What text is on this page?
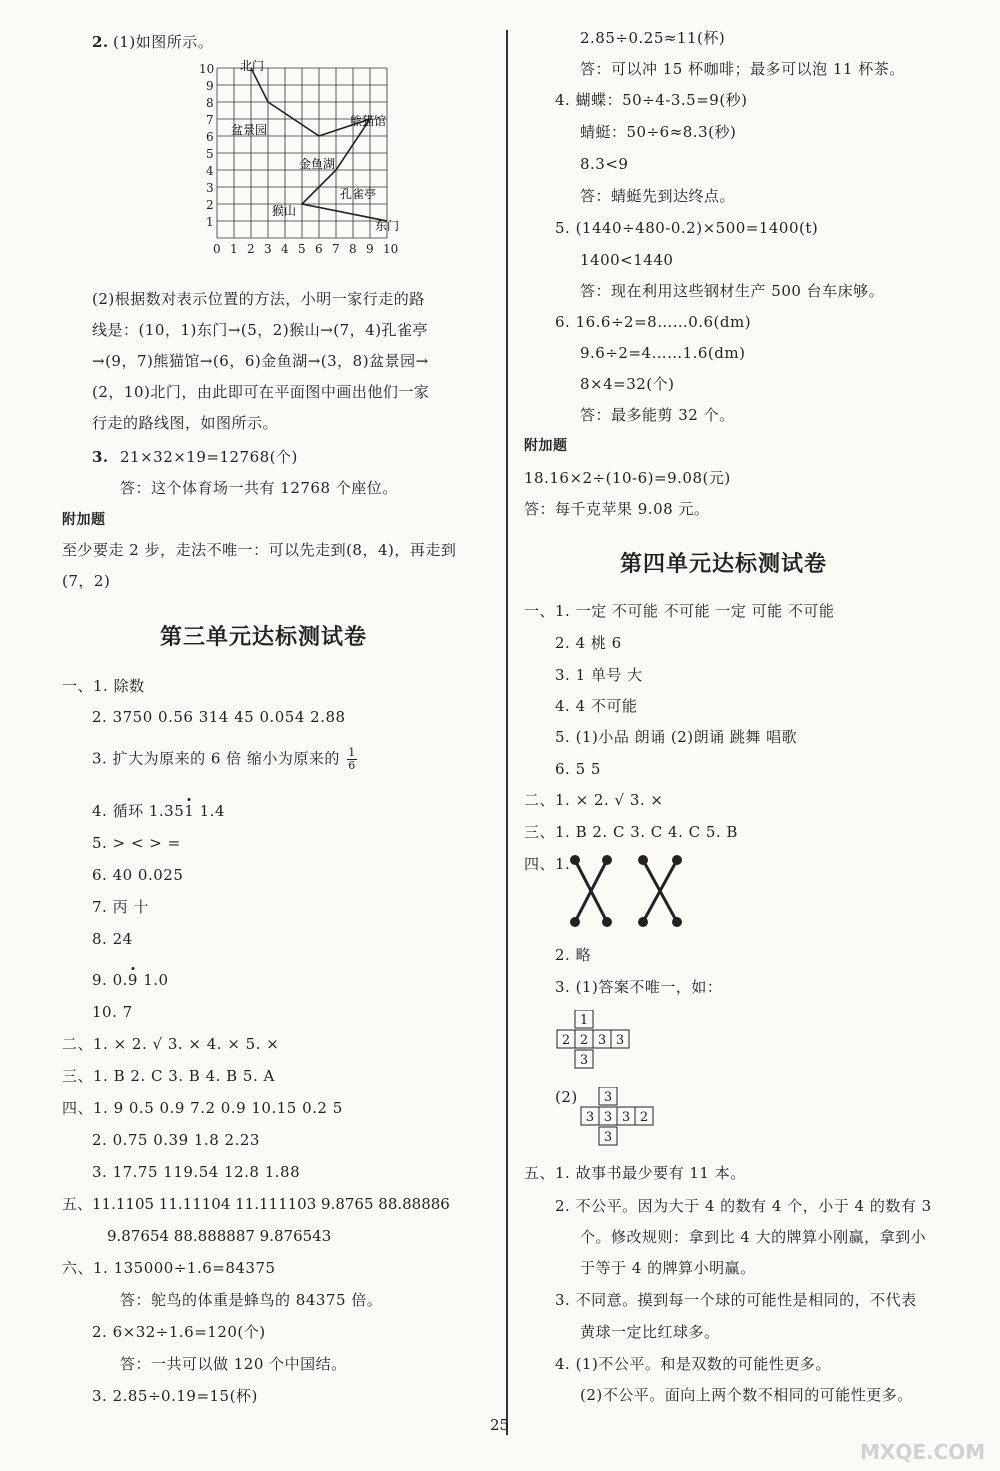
2. (1)如图所示。
0 1 2 3 4 5 6 7 8 9 10
10
9
8
7
6
5
4
3
2
1
北门
盆景园
熊猫馆
金鱼湖
孔雀亭
猴山
东门
(2)根据数对表示位置的方法，小明一家行走的路
线是：(10，1)东门→(5，2)猴山→(7，4)孔雀亭
→(9，7)熊猫馆→(6，6)金鱼湖→(3，8)盆景园→
(2，10)北门，由此即可在平面图中画出他们一家
行走的路线图，如图所示。
3. 21×32×19=12768(个)
答：这个体育场一共有 12768 个座位。
附加题
至少要走 2 步，走法不唯一：可以先走到(8，4)，再走到
(7，2)
第三单元达标测试卷
一、1. 除数
2. 3750 0.56 314 45 0.054 2.88
3. 扩大为原来的 6 倍 缩小为原来的 $\frac{1}{6}$
4. 循环 1.351 1.4
5. > < > =
6. 40 0.025
7. 丙 十
8. 24
9. 0.9 1.0
10. 7
二、1. × 2. √ 3. × 4. × 5. ×
三、1. B 2. C 3. B 4. B 5. A
四、1. 9 0.5 0.9 7.2 0.9 10.15 0.2 5
2. 0.75 0.39 1.8 2.23
3. 17.75 119.54 12.8 1.88
五、11.1105 11.11104 11.111103 9.8765 88.88886
9.87654 88.888887 9.876543
六、1. 135000÷1.6=84375
答：鸵鸟的体重是蜂鸟的 84375 倍。
2. 6×32÷1.6=120(个)
答：一共可以做 120 个中国结。
3. 2.85÷0.19=15(杯)
2.85÷0.25≈11(杯)
答：可以冲 15 杯咖啡；最多可以泡 11 杯茶。
4. 蝴蝶：50÷4-3.5=9(秒)
蜻蜓：50÷6≈8.3(秒)
8.3<9
答：蜻蜓先到达终点。
5. (1440÷480-0.2)×500=1400(t)
1400<1440
答：现在利用这些钢材生产 500 台车床够。
6. 16.6÷2=8……0.6(dm)
9.6÷2=4……1.6(dm)
8×4=32(个)
答：最多能剪 32 个。
附加题
18.16×2÷(10-6)=9.08(元)
答：每千克苹果 9.08 元。
第四单元达标测试卷
一、1. 一定 不可能 不可能 一定 可能 不可能
2. 4 桃 6
3. 1 单号 大
4. 4 不可能
5. (1)小品 朗诵 (2)朗诵 跳舞 唱歌
6. 5 5
二、1. × 2. √ 3. ×
三、1. B 2. C 3. C 4. C 5. B
四、1.
2. 略
3. (1)答案不唯一，如：
1
2 2 3 3
3
(2) 3
3 3 3 2
3
五、1. 故事书最少要有 11 本。
2. 不公平。因为大于 4 的数有 4 个，小于 4 的数有 3
个。修改规则：拿到比 4 大的牌算小刚赢，拿到小
于等于 4 的牌算小明赢。
3. 不同意。摸到每一个球的可能性是相同的，不代表
黄球一定比红球多。
4. (1)不公平。和是双数的可能性更多。
(2)不公平。面向上两个数不相同的可能性更多。
25
MXQE.COM
